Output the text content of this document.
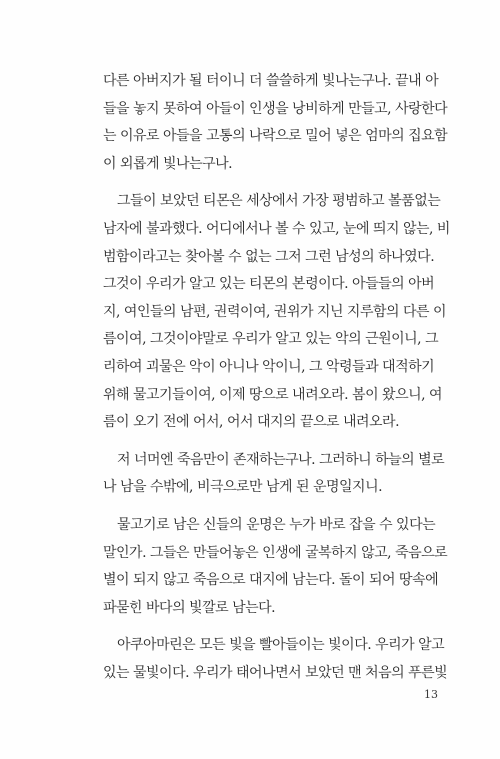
다른 아버지가 될 터이니 더 쓸쓸하게 빛나는구나. 끝내 아
들을 놓지 못하여 아들이 인생을 낭비하게 만들고, 사랑한다
는 이유로 아들을 고통의 나락으로 밀어 넣은 엄마의 집요함
이 외롭게 빛나는구나.

그들이 보았던 티몬은 세상에서 가장 평범하고 볼품없는
남자에 불과했다. 어디에서나 볼 수 있고, 눈에 띄지 않는, 비
범함이라고는 찾아볼 수 없는 그저 그런 남성의 하나였다.
그것이 우리가 알고 있는 티몬의 본령이다. 아들들의 아버
지, 여인들의 남편, 권력이여, 권위가 지닌 지루함의 다른 이
름이여, 그것이야말로 우리가 알고 있는 악의 근원이니, 그
리하여 괴물은 악이 아니나 악이니, 그 악령들과 대적하기
위해 물고기들이여, 이제 땅으로 내려오라. 봄이 왔으니, 여
름이 오기 전에 어서, 어서 대지의 끝으로 내려오라.

저 너머엔 죽음만이 존재하는구나. 그러하니 하늘의 별로
나 남을 수밖에, 비극으로만 남게 된 운명일지니.

물고기로 남은 신들의 운명은 누가 바로 잡을 수 있다는
말인가. 그들은 만들어놓은 인생에 굴복하지 않고, 죽음으로
별이 되지 않고 죽음으로 대지에 남는다. 돌이 되어 땅속에
파묻힌 바다의 빛깔로 남는다.

아쿠아마린은 모든 빛을 빨아들이는 빛이다. 우리가 알고
있는 물빛이다. 우리가 태어나면서 보았던 맨 처음의 푸른빛

13
